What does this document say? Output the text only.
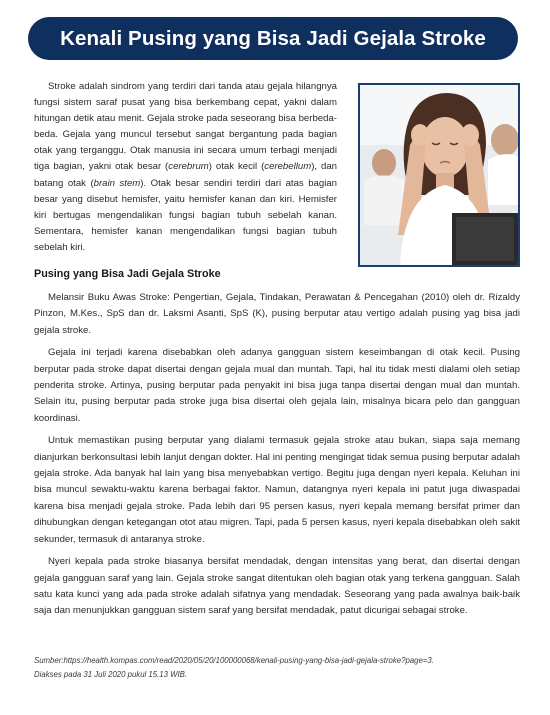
Kenali Pusing yang Bisa Jadi Gejala Stroke

Stroke adalah sindrom yang terdiri dari tanda atau gejala hilangnya fungsi sistem saraf pusat yang bisa berkembang cepat, yakni dalam hitungan detik atau menit. Gejala stroke pada seseorang bisa berbeda-beda. Gejala yang muncul tersebut sangat bergantung pada bagian otak yang terganggu. Otak manusia ini secara umum terbagi menjadi tiga bagian, yakni otak besar (cerebrum) otak kecil (cerebellum), dan batang otak (brain stem). Otak besar sendiri terdiri dari atas bagian besar yang disebut hemisfer, yaitu hemisfer kanan dan kiri. Hemisfer kiri bertugas mengendalikan fungsi bagian tubuh sebelah kanan. Sementara, hemisfer kanan mengendalikan fungsi bagian tubuh sebelah kiri.

Pusing yang Bisa Jadi Gejala Stroke

Melansir Buku Awas Stroke: Pengertian, Gejala, Tindakan, Perawatan & Pencegahan (2010) oleh dr. Rizaldy Pinzon, M.Kes., SpS dan dr. Laksmi Asanti, SpS (K), pusing berputar atau vertigo adalah pusing yag bisa jadi gejala stroke.

Gejala ini terjadi karena disebabkan oleh adanya gangguan sistem keseimbangan di otak kecil. Pusing berputar pada stroke dapat disertai dengan gejala mual dan muntah. Tapi, hal itu tidak mesti dialami oleh setiap penderita stroke. Artinya, pusing berputar pada penyakit ini bisa juga tanpa disertai dengan mual dan muntah. Selain itu, pusing berputar pada stroke juga bisa disertai oleh gejala lain, misalnya bicara pelo dan gangguan koordinasi.

Untuk memastikan pusing berputar yang dialami termasuk gejala stroke atau bukan, siapa saja memang dianjurkan berkonsultasi lebih lanjut dengan dokter. Hal ini penting mengingat tidak semua pusing berputar adalah gejala stroke. Ada banyak hal lain yang bisa menyebabkan vertigo. Begitu juga dengan nyeri kepala. Keluhan ini bisa muncul sewaktu-waktu karena berbagai faktor. Namun, datangnya nyeri kepala ini patut juga diwaspadai karena bisa menjadi gejala stroke. Pada lebih dari 95 persen kasus, nyeri kepala memang bersifat primer dan dihubungkan dengan ketegangan otot atau migren. Tapi, pada 5 persen kasus, nyeri kepala disebabkan oleh sakit sekunder, termasuk di antaranya stroke.

Nyeri kepala pada stroke biasanya bersifat mendadak, dengan intensitas yang berat, dan disertai dengan gejala gangguan saraf yang lain. Gejala stroke sangat ditentukan oleh bagian otak yang terkena gangguan. Salah satu kata kunci yang ada pada stroke adalah sifatnya yang mendadak. Seseorang yang pada awalnya baik-baik saja dan menunjukkan gangguan sistem saraf yang bersifat mendadak, patut dicurigai sebagai stroke.

Sumber:https://health.kompas.com/read/2020/05/20/100000068/kenali-pusing-yang-bisa-jadi-gejala-stroke?page=3.
Diakses pada 31 Juli 2020 pukul 15.13 WIB.
